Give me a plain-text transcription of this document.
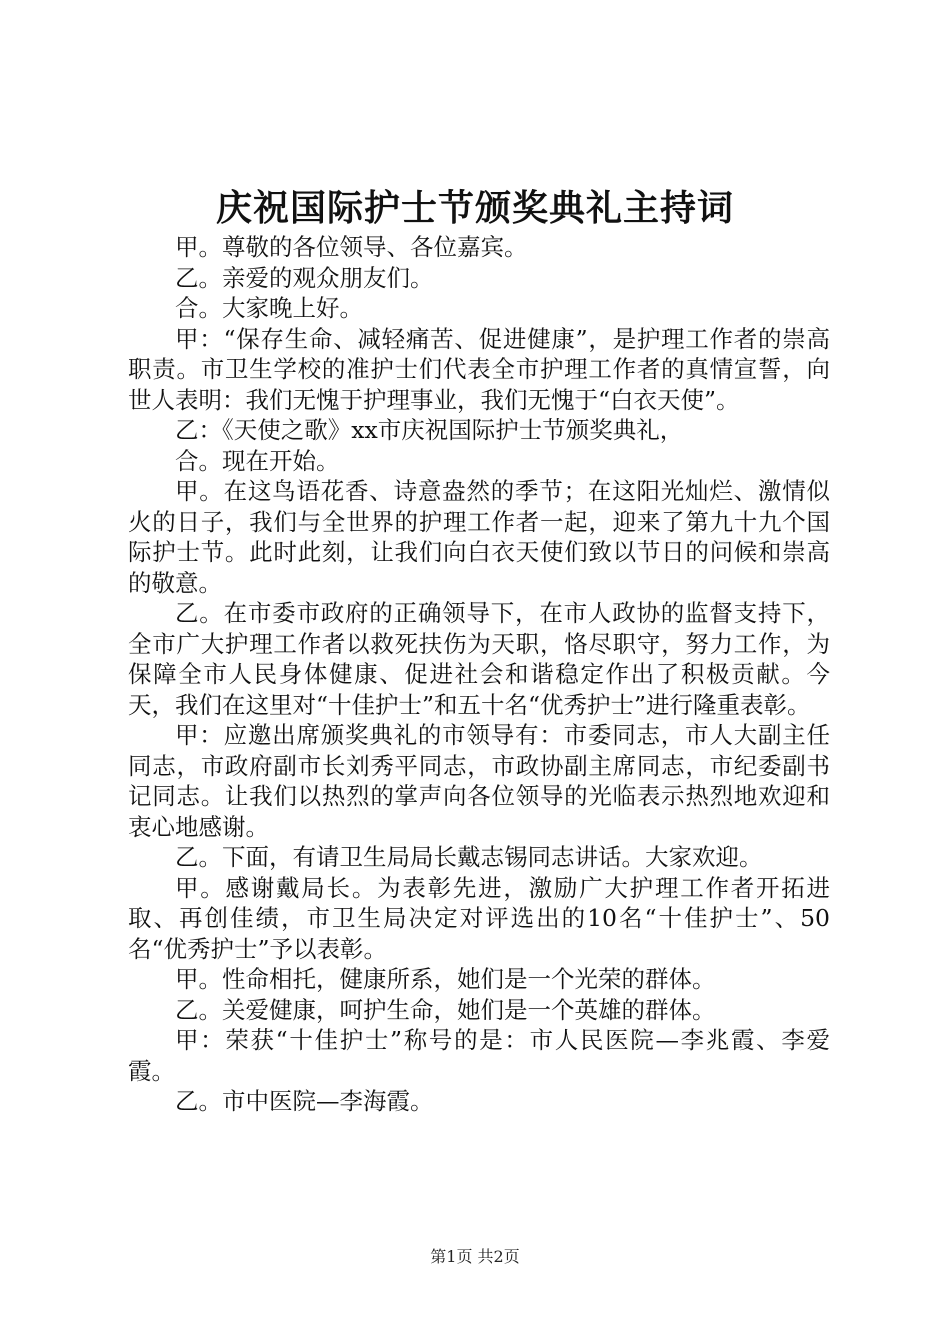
庆祝国际护士节颁奖典礼主持词

甲。尊敬的各位领导、各位嘉宾。

乙。亲爱的观众朋友们。

合。大家晚上好。

甲：“保存生命、减轻痛苦、促进健康”，是护理工作者的崇高职责。市卫生学校的准护士们代表全市护理工作者的真情宣誓，向世人表明：我们无愧于护理事业，我们无愧于“白衣天使”。

乙：《天使之歌》xx市庆祝国际护士节颁奖典礼，

合。现在开始。

甲。在这鸟语花香、诗意盎然的季节；在这阳光灿烂、激情似火的日子，我们与全世界的护理工作者一起，迎来了第九十九个国际护士节。此时此刻，让我们向白衣天使们致以节日的问候和崇高的敬意。

乙。在市委市政府的正确领导下，在市人政协的监督支持下，全市广大护理工作者以救死扶伤为天职，恪尽职守，努力工作，为保障全市人民身体健康、促进社会和谐稳定作出了积极贡献。今天，我们在这里对“十佳护士”和五十名“优秀护士”进行隆重表彰。

甲：应邀出席颁奖典礼的市领导有：市委同志，市人大副主任同志，市政府副市长刘秀平同志，市政协副主席同志，市纪委副书记同志。让我们以热烈的掌声向各位领导的光临表示热烈地欢迎和衷心地感谢。

乙。下面，有请卫生局局长戴志锡同志讲话。大家欢迎。

甲。感谢戴局长。为表彰先进，激励广大护理工作者开拓进取、再创佳绩，市卫生局决定对评选出的10名“十佳护士”、50名“优秀护士”予以表彰。

甲。性命相托，健康所系，她们是一个光荣的群体。

乙。关爱健康，呵护生命，她们是一个英雄的群体。

甲：荣获“十佳护士”称号的是：市人民医院—李兆霞、李爱霞。

乙。市中医院—李海霞。

第1页 共2页
